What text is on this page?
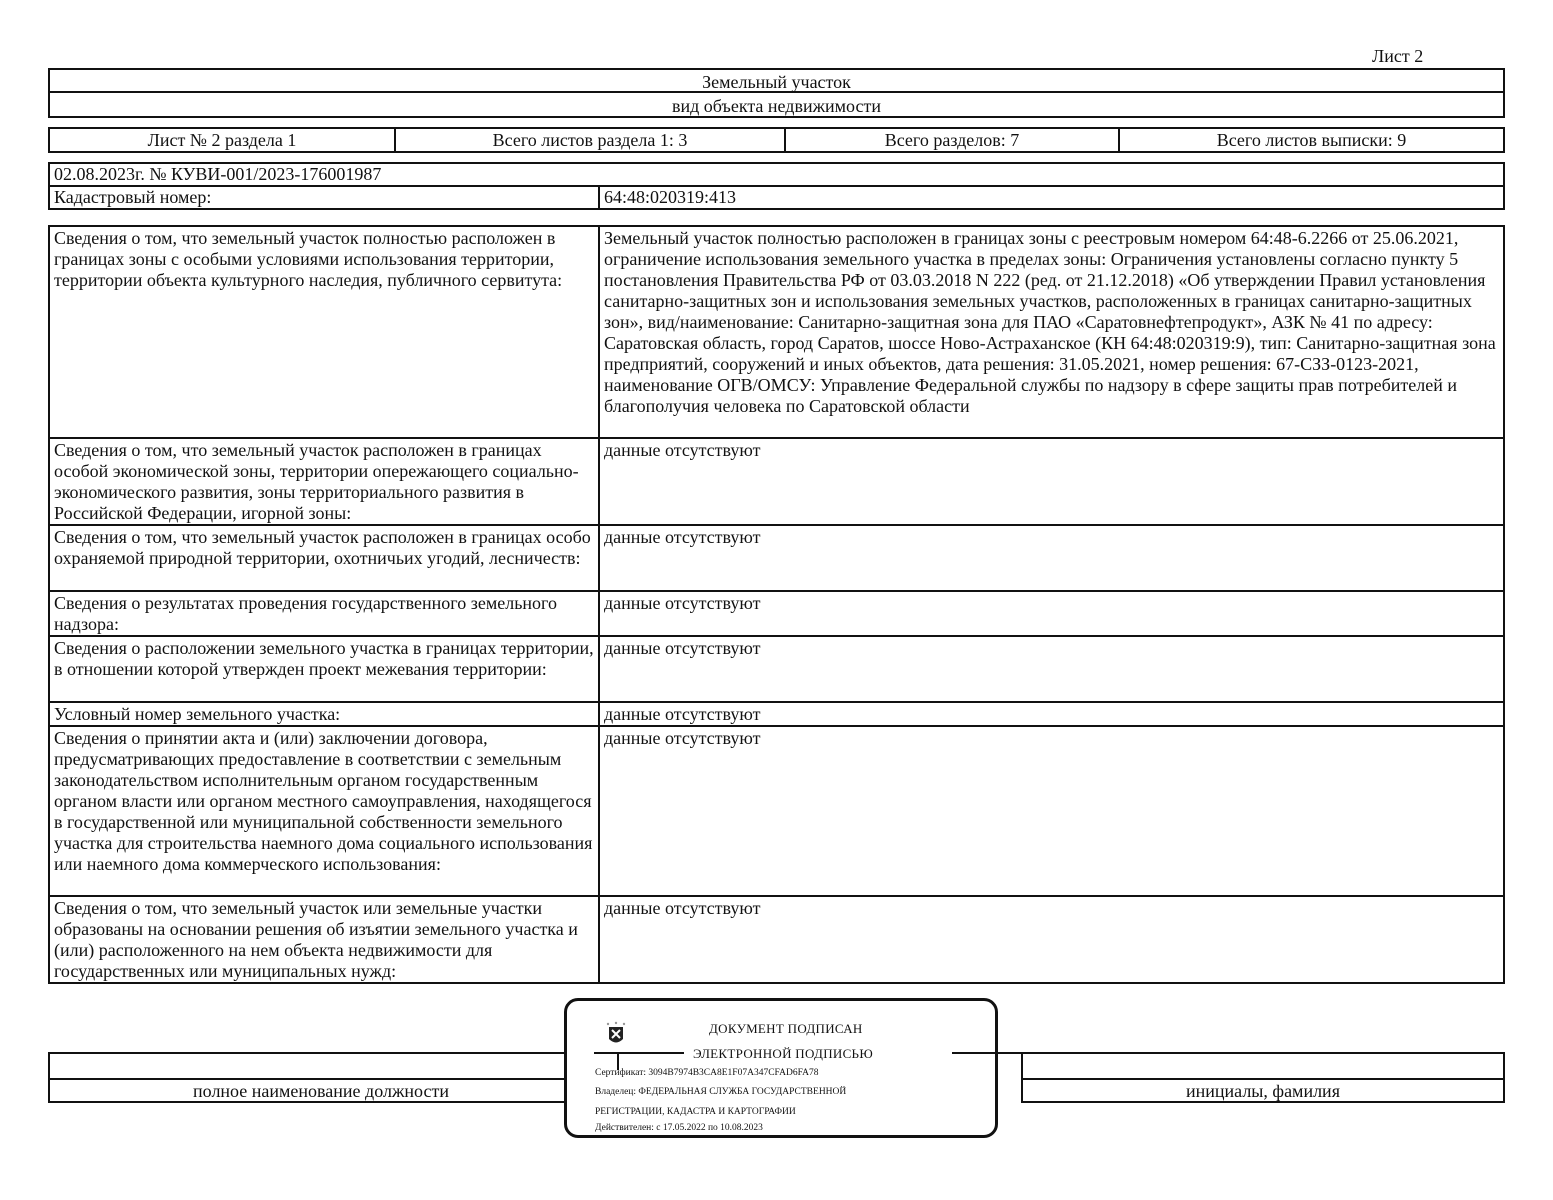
Лист 2
Земельный участок
вид объекта недвижимости
Лист № 2 раздела 1	Всего листов раздела 1: 3	Всего разделов: 7	Всего листов выписки: 9
02.08.2023г. № КУВИ-001/2023-176001987
Кадастровый номер:	64:48:020319:413
Сведения о том, что земельный участок полностью расположен в границах зоны с особыми условиями использования территории, территории объекта культурного наследия, публичного сервитута:	Земельный участок полностью расположен в границах зоны с реестровым номером 64:48-6.2266 от 25.06.2021, ограничение использования земельного участка в пределах зоны: Ограничения установлены согласно пункту 5 постановления Правительства РФ от 03.03.2018 N 222 (ред. от 21.12.2018) «Об утверждении Правил установления санитарно-защитных зон и использования земельных участков, расположенных в границах санитарно-защитных зон», вид/наименование: Санитарно-защитная зона для ПАО «Саратовнефтепродукт», АЗК № 41 по адресу: Саратовская область, город Саратов, шоссе Ново-Астраханское (КН 64:48:020319:9), тип: Санитарно-защитная зона предприятий, сооружений и иных объектов, дата решения: 31.05.2021, номер решения: 67-СЗЗ-0123-2021, наименование ОГВ/ОМСУ: Управление Федеральной службы по надзору в сфере защиты прав потребителей и благополучия человека по Саратовской области
Сведения о том, что земельный участок расположен в границах особой экономической зоны, территории опережающего социально-экономического развития, зоны территориального развития в Российской Федерации, игорной зоны:	данные отсутствуют
Сведения о том, что земельный участок расположен в границах особо охраняемой природной территории, охотничьих угодий, лесничеств:	данные отсутствуют
Сведения о результатах проведения государственного земельного надзора:	данные отсутствуют
Сведения о расположении земельного участка в границах территории, в отношении которой утвержден проект межевания территории:	данные отсутствуют
Условный номер земельного участка:	данные отсутствуют
Сведения о принятии акта и (или) заключении договора, предусматривающих предоставление в соответствии с земельным законодательством исполнительным органом государственным органом власти или органом местного самоуправления, находящегося в государственной или муниципальной собственности земельного участка для строительства наемного дома социального использования или наемного дома коммерческого использования:	данные отсутствуют
Сведения о том, что земельный участок или земельные участки образованы на основании решения об изъятии земельного участка и (или) расположенного на нем объекта недвижимости для государственных или муниципальных нужд:	данные отсутствуют
полное наименование должности	инициалы, фамилия
ДОКУМЕНТ ПОДПИСАН
ЭЛЕКТРОННОЙ ПОДПИСЬЮ
Сертификат: 3094B7974B3CA8E1F07A347CFAD6FA78
Владелец: ФЕДЕРАЛЬНАЯ СЛУЖБА ГОСУДАРСТВЕННОЙ
РЕГИСТРАЦИИ, КАДАСТРА И КАРТОГРАФИИ
Действителен: с 17.05.2022 по 10.08.2023
